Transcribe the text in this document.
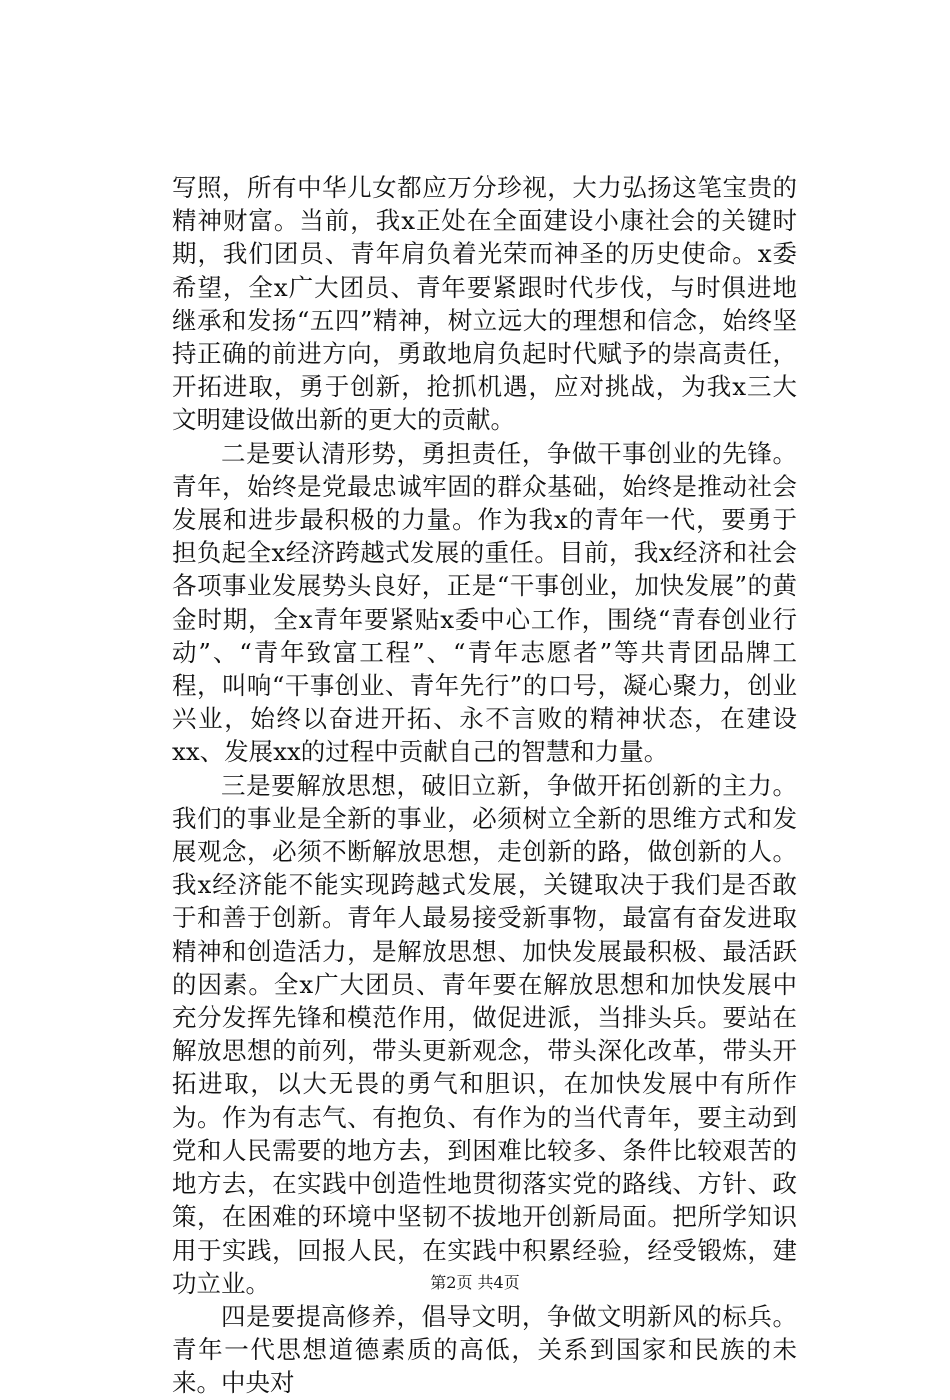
写照，所有中华儿女都应万分珍视，大力弘扬这笔宝贵的精神财富。当前，我x正处在全面建设小康社会的关键时期，我们团员、青年肩负着光荣而神圣的历史使命。x委希望，全x广大团员、青年要紧跟时代步伐，与时俱进地继承和发扬“五四”精神，树立远大的理想和信念，始终坚持正确的前进方向，勇敢地肩负起时代赋予的崇高责任，开拓进取，勇于创新，抢抓机遇，应对挑战，为我x三大文明建设做出新的更大的贡献。

二是要认清形势，勇担责任，争做干事创业的先锋。青年，始终是党最忠诚牢固的群众基础，始终是推动社会发展和进步最积极的力量。作为我x的青年一代，要勇于担负起全x经济跨越式发展的重任。目前，我x经济和社会各项事业发展势头良好，正是“干事创业，加快发展”的黄金时期，全x青年要紧贴x委中心工作，围绕“青春创业行动”、“青年致富工程”、“青年志愿者”等共青团品牌工程，叫响“干事创业、青年先行”的口号，凝心聚力，创业兴业，始终以奋进开拓、永不言败的精神状态，在建设xx、发展xx的过程中贡献自己的智慧和力量。

三是要解放思想，破旧立新，争做开拓创新的主力。我们的事业是全新的事业，必须树立全新的思维方式和发展观念，必须不断解放思想，走创新的路，做创新的人。我x经济能不能实现跨越式发展，关键取决于我们是否敢于和善于创新。青年人最易接受新事物，最富有奋发进取精神和创造活力，是解放思想、加快发展最积极、最活跃的因素。全x广大团员、青年要在解放思想和加快发展中充分发挥先锋和模范作用，做促进派，当排头兵。要站在解放思想的前列，带头更新观念，带头深化改革，带头开拓进取，以大无畏的勇气和胆识，在加快发展中有所作为。作为有志气、有抱负、有作为的当代青年，要主动到党和人民需要的地方去，到困难比较多、条件比较艰苦的地方去，在实践中创造性地贯彻落实党的路线、方针、政策，在困难的环境中坚韧不拔地开创新局面。把所学知识用于实践，回报人民，在实践中积累经验，经受锻炼，建功立业。

四是要提高修养，倡导文明，争做文明新风的标兵。青年一代思想道德素质的高低，关系到国家和民族的未来。中央对

第2页 共4页
